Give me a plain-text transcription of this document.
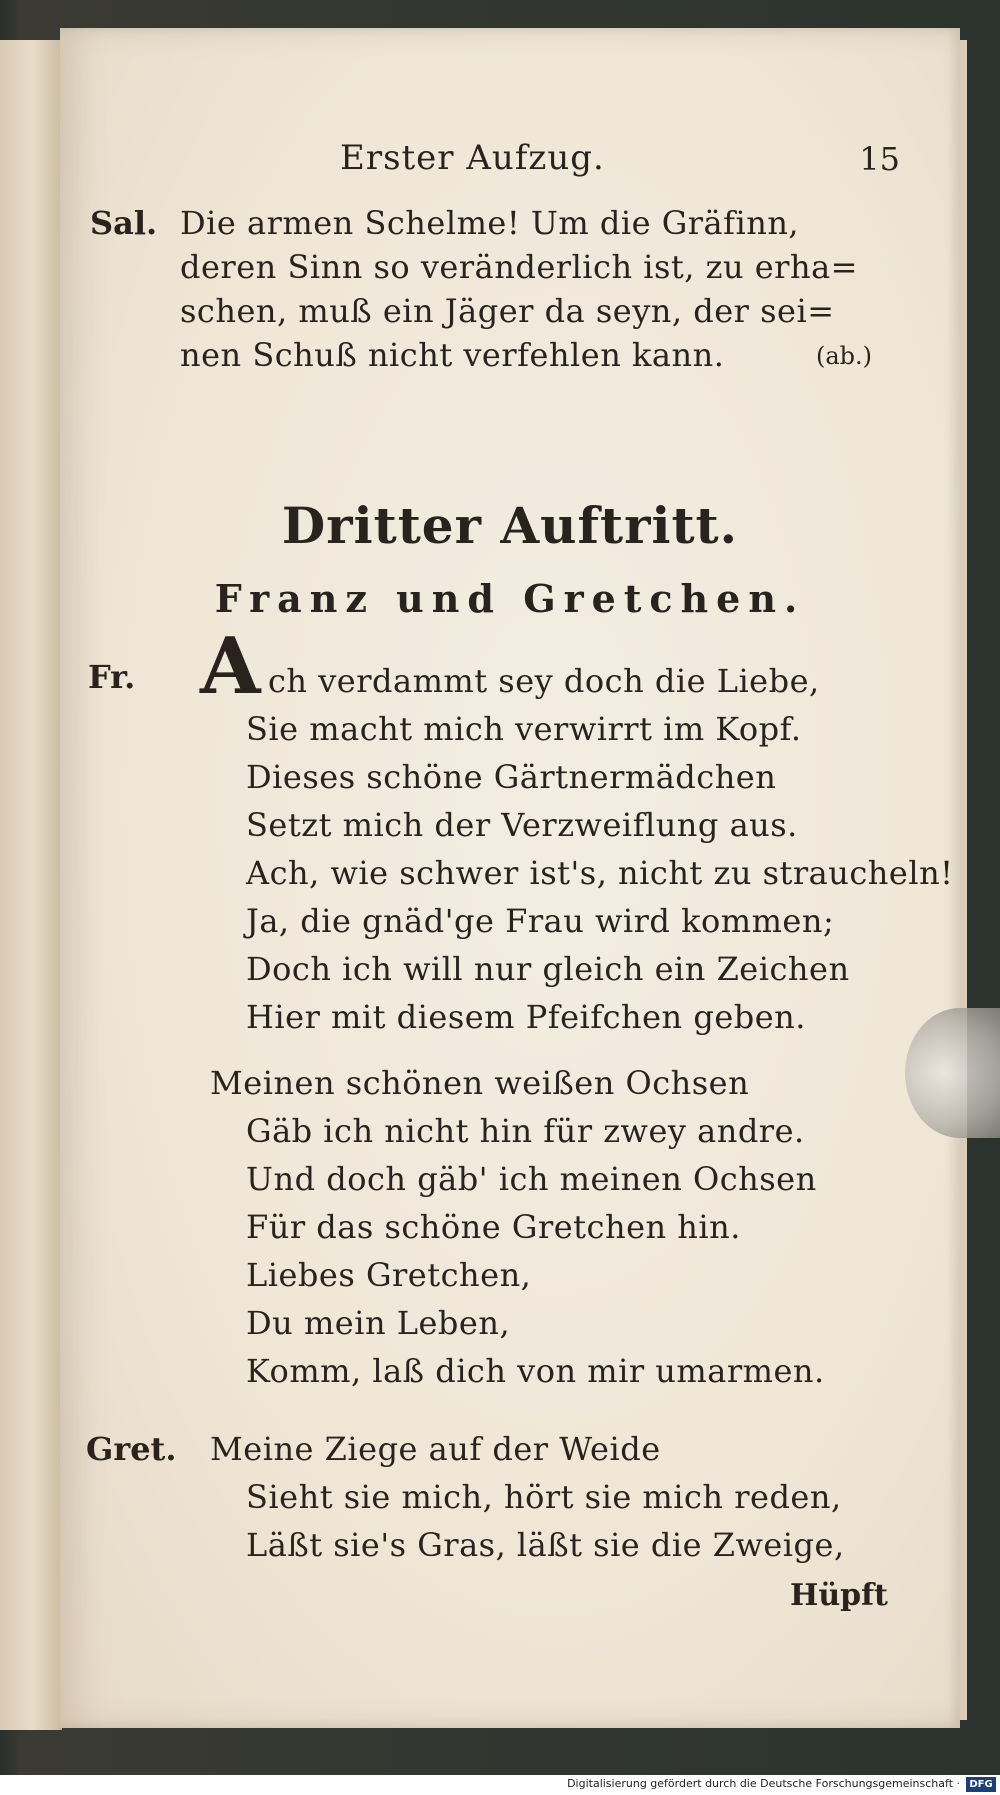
Erster Aufzug.	15
Sal. Die armen Schelme! Um die Gräfinn,
deren Sinn so veränderlich ist, zu erha=
schen, muß ein Jäger da seyn, der sei=
nen Schuß nicht verfehlen kann.	(ab.)
Dritter Auftritt.
Franz und Gretchen.
Fr. A ch verdammt sey doch die Liebe,
Sie macht mich verwirrt im Kopf.
Dieses schöne Gärtnermädchen
Setzt mich der Verzweiflung aus.
Ach, wie schwer ist's, nicht zu straucheln!
Ja, die gnäd'ge Frau wird kommen;
Doch ich will nur gleich ein Zeichen
Hier mit diesem Pfeifchen geben.
Meinen schönen weißen Ochsen
Gäb ich nicht hin für zwey andre.
Und doch gäb' ich meinen Ochsen
Für das schöne Gretchen hin.
Liebes Gretchen,
Du mein Leben,
Komm, laß dich von mir umarmen.
Gret. Meine Ziege auf der Weide
Sieht sie mich, hört sie mich reden,
Läßt sie's Gras, läßt sie die Zweige,
Hüpft
Digitalisierung gefördert durch die Deutsche Forschungsgemeinschaft · DFG
